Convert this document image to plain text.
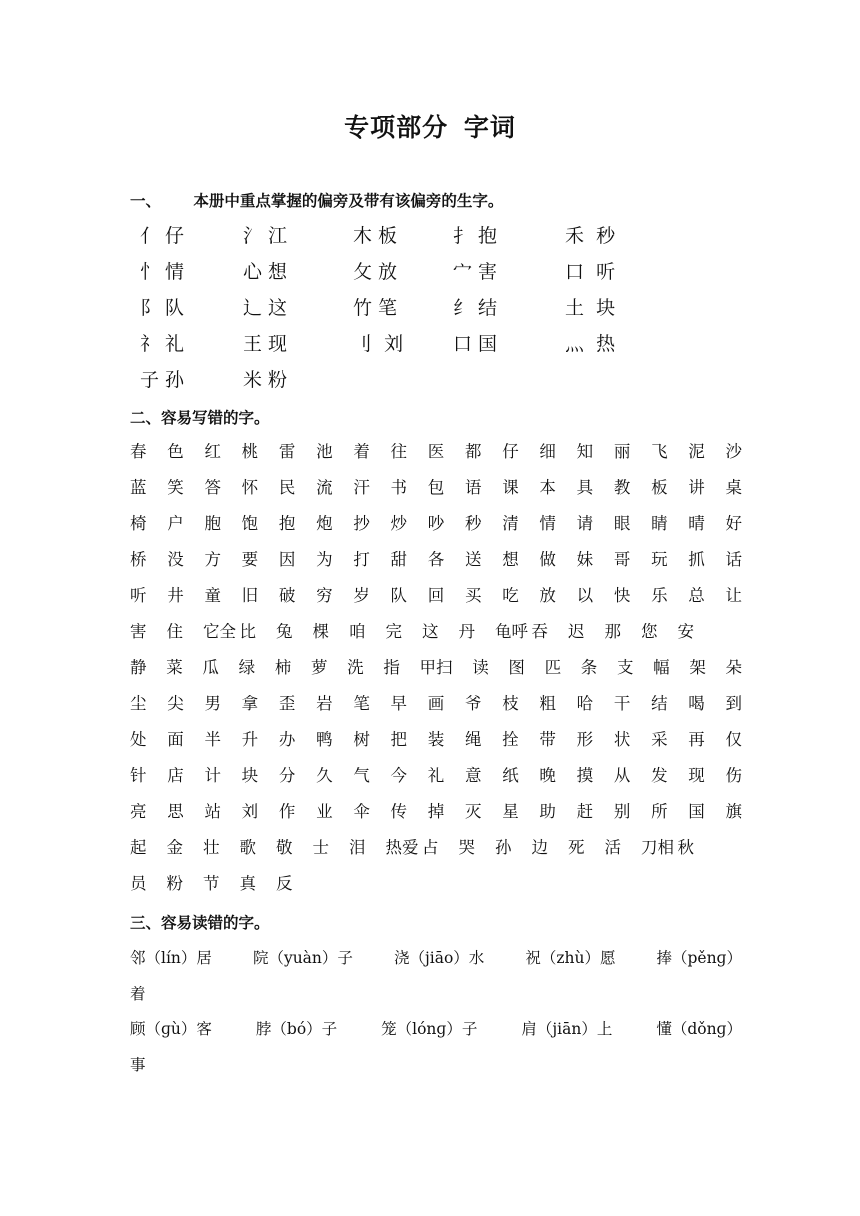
专项部分 字词
一、      本册中重点掌握的偏旁及带有该偏旁的生字。
亻 仔	氵 江	木 板	扌 抱	禾  秒
忄 情	心 想	攵 放	宀 害	口  听
阝 队	辶 这	竹 笔	纟 结	土  块
礻 礼	王 现	刂  刘	口 国	灬  热
子 孙	米 粉
二、容易写错的字。
春 色 红 桃 雷 池 着 往 医 都 仔 细 知 丽 飞 泥 沙
蓝 笑 答 怀 民 流 汗 书 包 语 课 本 具 教 板 讲 桌
椅 户 胞 饱 抱 炮 抄 炒 吵 秒 清 情 请 眼 睛 晴 好
桥 没 方 要 因 为 打 甜 各 送 想 做 妹 哥 玩 抓 话
听 井 童 旧 破 穷 岁 队 回 买 吃 放 以 快 乐 总 让
害	住	它全 比	兔	棵	咱	完	这	丹	龟呼 吞	迟	那	您	安
静 菜 瓜 绿 柿 萝 洗 指 甲扫 读 图 匹 条 支 幅 架 朵
尘 尖 男 拿 歪 岩 笔 早 画 爷 枝 粗 哈 干 结 喝 到
处 面 半 升 办 鸭 树 把 装 绳 拴 带 形 状 采 再 仅
针 店 计 块 分 久 气 今 礼 意 纸 晚 摸 从 发 现 伤
亮 思 站 刘 作 业 伞 传 掉 灭 星 助 赶 别 所 国 旗
起	金	壮	歌	敬	士	泪	热爱 占	哭	孙	边	死	活	刀相 秋
员	粉	节	真	反
三、容易读错的字。
邻（lín）居	院（yuàn）子	浇（jiāo）水	祝（zhù）愿	捧（pěnɡ）
着
顾（ɡù）客	脖（bó）子	笼（lónɡ）子	肩（jiān）上	懂（dǒnɡ）
事
